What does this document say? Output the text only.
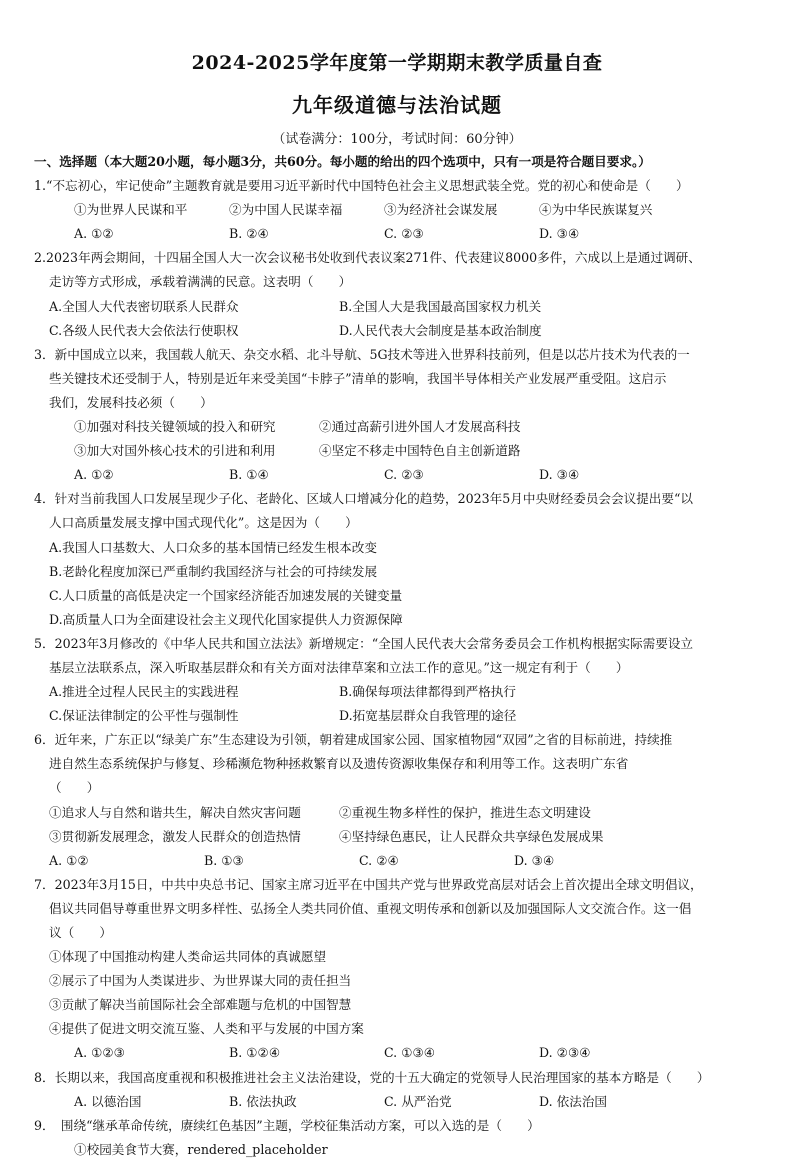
2024-2025学年度第一学期期末教学质量自查
九年级道德与法治试题
（试卷满分：100分，考试时间：60分钟）
一、选择题（本大题20小题，每小题3分，共60分。每小题的给出的四个选项中，只有一项是符合题目要求。）
1.“不忘初心，牢记使命”主题教育就是要用习近平新时代中国特色社会主义思想武装全党。党的初心和使命是（　　）
①为世界人民谋和平	②为中国人民谋幸福	③为经济社会谋发展	④为中华民族谋复兴
A. ①②	B. ②④	C. ②③	D. ③④
2.2023年两会期间，十四届全国人大一次会议秘书处收到代表议案271件、代表建议8000多件，六成以上是通过调研、
走访等方式形成，承载着满满的民意。这表明（　　）
A.全国人大代表密切联系人民群众	B.全国人大是我国最高国家权力机关
C.各级人民代表大会依法行使职权	D.人民代表大会制度是基本政治制度
3．新中国成立以来，我国载人航天、杂交水稻、北斗导航、5G技术等进入世界科技前列，但是以芯片技术为代表的一
些关键技术还受制于人，特别是近年来受美国“卡脖子”清单的影响，我国半导体相关产业发展严重受阻。这启示
我们，发展科技必须（　　）
①加强对科技关键领域的投入和研究	②通过高薪引进外国人才发展高科技
③加大对国外核心技术的引进和利用	④坚定不移走中国特色自主创新道路
A. ①②	B. ①④	C. ②③	D. ③④
4．针对当前我国人口发展呈现少子化、老龄化、区域人口增减分化的趋势，2023年5月中央财经委员会会议提出要“以
人口高质量发展支撑中国式现代化”。这是因为（　　）
A.我国人口基数大、人口众多的基本国情已经发生根本改变
B.老龄化程度加深已严重制约我国经济与社会的可持续发展
C.人口质量的高低是决定一个国家经济能否加速发展的关键变量
D.高质量人口为全面建设社会主义现代化国家提供人力资源保障
5．2023年3月修改的《中华人民共和国立法法》新增规定：“全国人民代表大会常务委员会工作机构根据实际需要设立
基层立法联系点，深入听取基层群众和有关方面对法律草案和立法工作的意见。”这一规定有利于（　　）
A.推进全过程人民民主的实践进程	B.确保每项法律都得到严格执行
C.保证法律制定的公平性与强制性	D.拓宽基层群众自我管理的途径
6．近年来，广东正以“绿美广东”生态建设为引领，朝着建成国家公园、国家植物园“双园”之省的目标前进，持续推
进自然生态系统保护与修复、珍稀濒危物种拯救繁育以及遗传资源收集保存和利用等工作。这表明广东省
（　　）
①追求人与自然和谐共生，解决自然灾害问题	②重视生物多样性的保护，推进生态文明建设
③贯彻新发展理念，激发人民群众的创造热情	④坚持绿色惠民，让人民群众共享绿色发展成果
A. ①②	B. ①③	C. ②④	D. ③④
7．2023年3月15日，中共中央总书记、国家主席习近平在中国共产党与世界政党高层对话会上首次提出全球文明倡议，
倡议共同倡导尊重世界文明多样性、弘扬全人类共同价值、重视文明传承和创新以及加强国际人文交流合作。这一倡
议（　　）
①体现了中国推动构建人类命运共同体的真诚愿望
②展示了中国为人类谋进步、为世界谋大同的责任担当
③贡献了解决当前国际社会全部难题与危机的中国智慧
④提供了促进文明交流互鉴、人类和平与发展的中国方案
A. ①②③	B. ①②④	C. ①③④	D. ②③④
8．长期以来，我国高度重视和积极推进社会主义法治建设，党的十五大确定的党领导人民治理国家的基本方略是（　　）
A. 以德治国	B. 依法执政	C. 从严治党	D. 依法治国
9．　围绕“继承革命传统，赓续红色基因”主题，学校征集活动方案，可以入选的是（　　）
①校园美食节大赛，rendered_placeholder
